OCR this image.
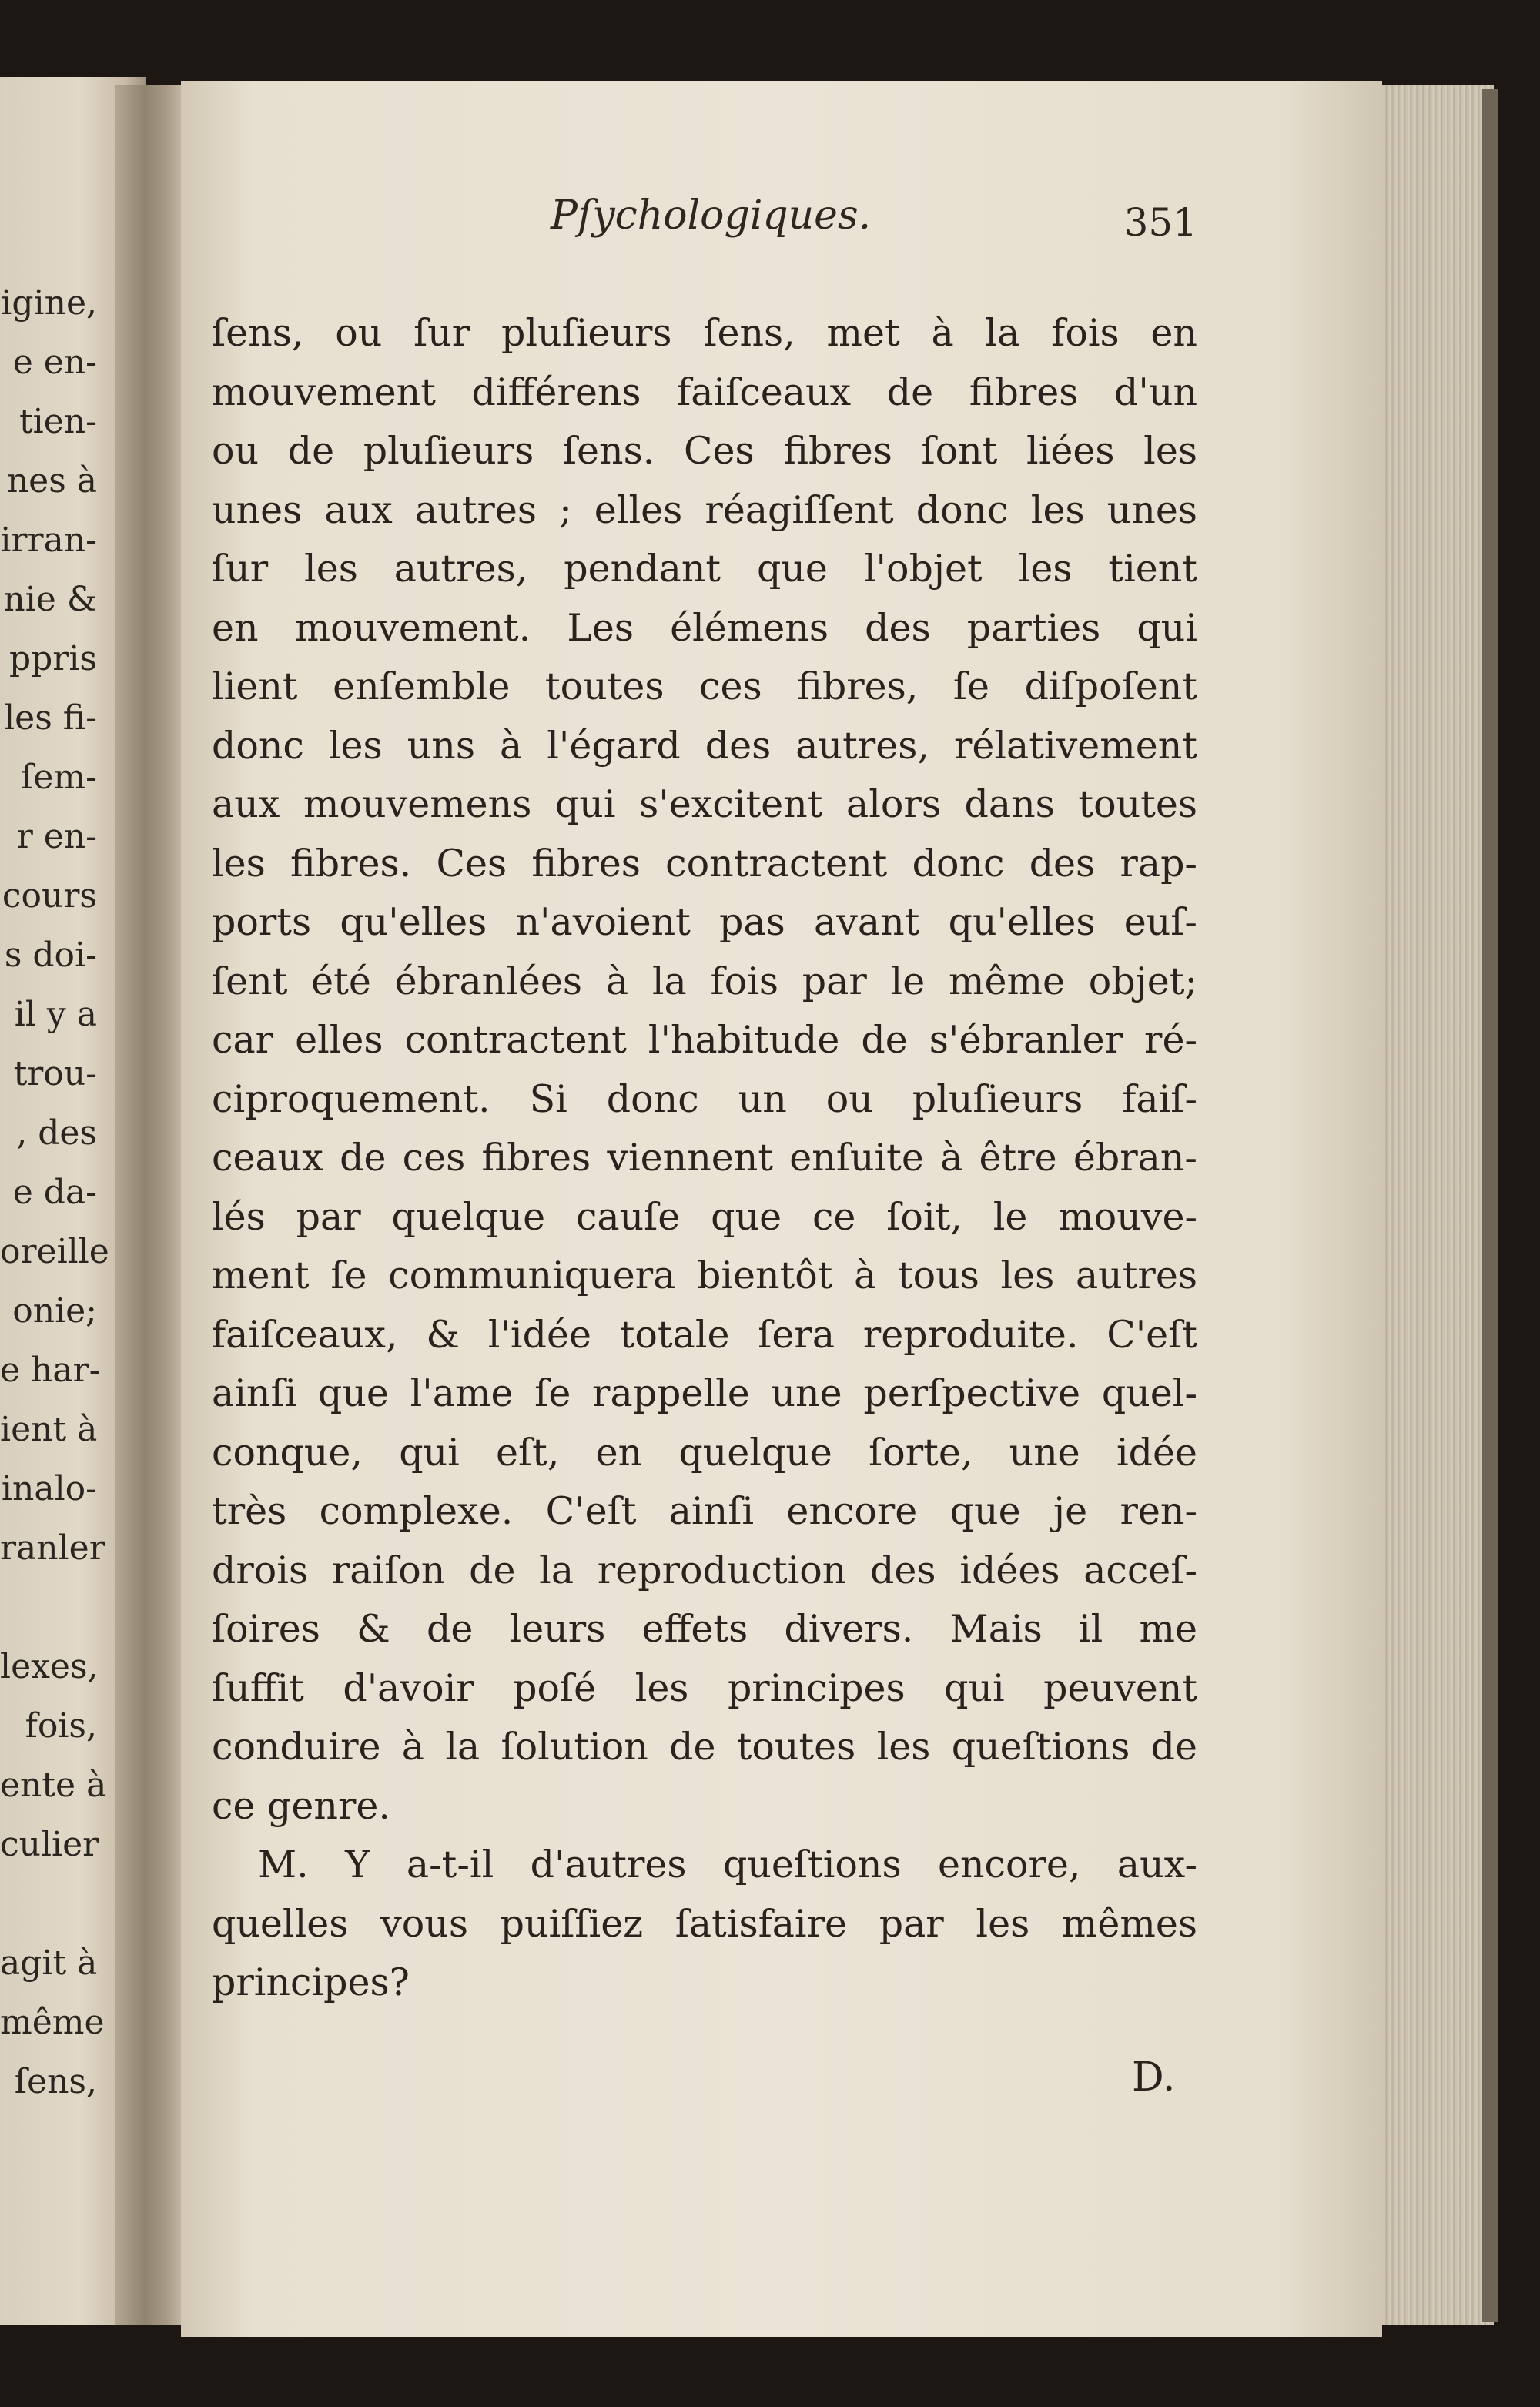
igine,
e en-
tien-
nes à
irran-
nie &
ppris
les fi-
ſem-
r en-
cours
s doi-
il y a
trou-
, des
e da-
oreille
onie;
e har-
ient à
inalo-
ranler
lexes,
fois,
ente à
culier
agit à
même
ſens,
Pſychologiques.	351
ſens, ou ſur pluſieurs ſens, met à la fois en
mouvement différens faiſceaux de fibres d'un
ou de pluſieurs ſens. Ces fibres ſont liées les
unes aux autres ; elles réagiſſent donc les unes
ſur les autres, pendant que l'objet les tient
en mouvement. Les élémens des parties qui
lient enſemble toutes ces fibres, ſe diſpoſent
donc les uns à l'égard des autres, rélativement
aux mouvemens qui s'excitent alors dans toutes
les fibres. Ces fibres contractent donc des rap-
ports qu'elles n'avoient pas avant qu'elles euſ-
ſent été ébranlées à la fois par le même objet;
car elles contractent l'habitude de s'ébranler ré-
ciproquement. Si donc un ou pluſieurs faiſ-
ceaux de ces fibres viennent enſuite à être ébran-
lés par quelque cauſe que ce ſoit, le mouve-
ment ſe communiquera bientôt à tous les autres
faiſceaux, & l'idée totale ſera reproduite. C'eſt
ainſi que l'ame ſe rappelle une perſpective quel-
conque, qui eſt, en quelque ſorte, une idée
très complexe. C'eſt ainſi encore que je ren-
drois raiſon de la reproduction des idées acceſ-
ſoires & de leurs effets divers. Mais il me
ſuffit d'avoir poſé les principes qui peuvent
conduire à la ſolution de toutes les queſtions de
ce genre.
M. Y a-t-il d'autres queſtions encore, aux-
quelles vous puiſſiez ſatisfaire par les mêmes
principes?
D.
